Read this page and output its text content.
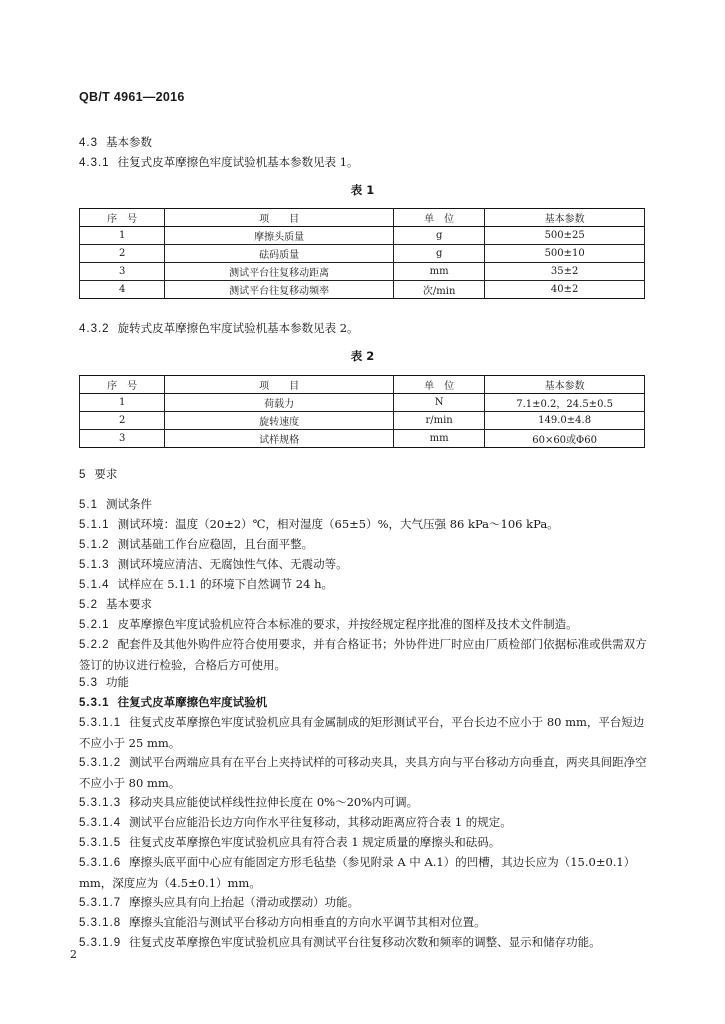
QB/T 4961—2016
4.3 基本参数
4.3.1 往复式皮革摩擦色牢度试验机基本参数见表 1。
表 1
序　号	项　　目	单　位	基本参数
1	摩擦头质量	g	500±25
2	砝码质量	g	500±10
3	测试平台往复移动距离	mm	35±2
4	测试平台往复移动频率	次/min	40±2
4.3.2 旋转式皮革摩擦色牢度试验机基本参数见表 2。
表 2
序　号	项　　目	单　位	基本参数
1	荷载力	N	7.1±0.2，24.5±0.5
2	旋转速度	r/min	149.0±4.8
3	试样规格	mm	60×60或Φ60
5 要求
5.1 测试条件
5.1.1 测试环境：温度（20±2）℃，相对湿度（65±5）%，大气压强 86 kPa～106 kPa。
5.1.2 测试基础工作台应稳固，且台面平整。
5.1.3 测试环境应清洁、无腐蚀性气体、无震动等。
5.1.4 试样应在 5.1.1 的环境下自然调节 24 h。
5.2 基本要求
5.2.1 皮革摩擦色牢度试验机应符合本标准的要求，并按经规定程序批准的图样及技术文件制造。
5.2.2 配套件及其他外购件应符合使用要求，并有合格证书；外协件进厂时应由厂质检部门依据标准或供需双方签订的协议进行检验，合格后方可使用。
5.3 功能
5.3.1 往复式皮革摩擦色牢度试验机
5.3.1.1 往复式皮革摩擦色牢度试验机应具有金属制成的矩形测试平台，平台长边不应小于 80 mm，平台短边不应小于 25 mm。
5.3.1.2 测试平台两端应具有在平台上夹持试样的可移动夹具，夹具方向与平台移动方向垂直，两夹具间距净空不应小于 80 mm。
5.3.1.3 移动夹具应能使试样线性拉伸长度在 0%～20%内可调。
5.3.1.4 测试平台应能沿长边方向作水平往复移动，其移动距离应符合表 1 的规定。
5.3.1.5 往复式皮革摩擦色牢度试验机应具有符合表 1 规定质量的摩擦头和砝码。
5.3.1.6 摩擦头底平面中心应有能固定方形毛毡垫（参见附录 A 中 A.1）的凹槽，其边长应为（15.0±0.1）mm，深度应为（4.5±0.1）mm。
5.3.1.7 摩擦头应具有向上抬起（滑动或摆动）功能。
5.3.1.8 摩擦头宜能沿与测试平台移动方向相垂直的方向水平调节其相对位置。
5.3.1.9 往复式皮革摩擦色牢度试验机应具有测试平台往复移动次数和频率的调整、显示和储存功能。
2
